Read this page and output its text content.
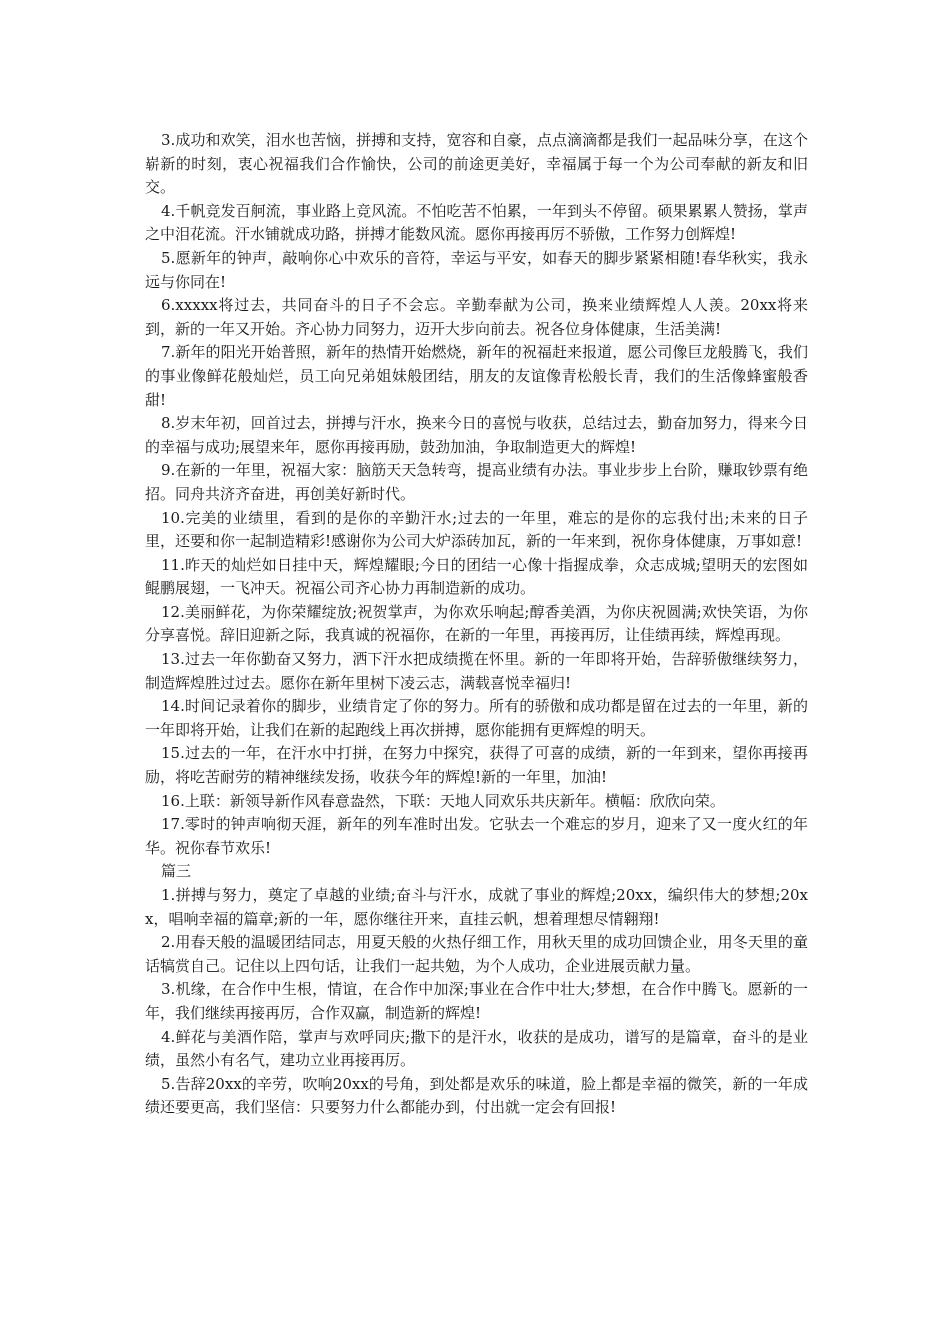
3.成功和欢笑，泪水也苦恼，拼搏和支持，宽容和自豪，点点滴滴都是我们一起品味分享，在这个崭新的时刻，衷心祝福我们合作愉快，公司的前途更美好，幸福属于每一个为公司奉献的新友和旧交。

4.千帆竞发百舸流，事业路上竞风流。不怕吃苦不怕累，一年到头不停留。硕果累累人赞扬，掌声之中泪花流。汗水铺就成功路，拼搏才能数风流。愿你再接再厉不骄傲，工作努力创辉煌!

5.愿新年的钟声，敲响你心中欢乐的音符，幸运与平安，如春天的脚步紧紧相随!春华秋实，我永远与你同在!

6.xxxxx将过去，共同奋斗的日子不会忘。辛勤奉献为公司，换来业绩辉煌人人羡。20xx将来到，新的一年又开始。齐心协力同努力，迈开大步向前去。祝各位身体健康，生活美满!

7.新年的阳光开始普照，新年的热情开始燃烧，新年的祝福赶来报道，愿公司像巨龙般腾飞，我们的事业像鲜花般灿烂，员工向兄弟姐妹般团结，朋友的友谊像青松般长青，我们的生活像蜂蜜般香甜!

8.岁末年初，回首过去，拼搏与汗水，换来今日的喜悦与收获，总结过去，勤奋加努力，得来今日的幸福与成功;展望来年，愿你再接再励，鼓劲加油，争取制造更大的辉煌!

9.在新的一年里，祝福大家：脑筋天天急转弯，提高业绩有办法。事业步步上台阶，赚取钞票有绝招。同舟共济齐奋进，再创美好新时代。

10.完美的业绩里，看到的是你的辛勤汗水;过去的一年里，难忘的是你的忘我付出;未来的日子里，还要和你一起制造精彩!感谢你为公司大炉添砖加瓦，新的一年来到，祝你身体健康，万事如意!

11.昨天的灿烂如日挂中天，辉煌耀眼;今日的团结一心像十指握成拳，众志成城;望明天的宏图如鲲鹏展翅，一飞冲天。祝福公司齐心协力再制造新的成功。

12.美丽鲜花，为你荣耀绽放;祝贺掌声，为你欢乐响起;醇香美酒，为你庆祝圆满;欢快笑语，为你分享喜悦。辞旧迎新之际，我真诚的祝福你，在新的一年里，再接再厉，让佳绩再续，辉煌再现。

13.过去一年你勤奋又努力，洒下汗水把成绩揽在怀里。新的一年即将开始，告辞骄傲继续努力，制造辉煌胜过过去。愿你在新年里树下凌云志，满载喜悦幸福归!

14.时间记录着你的脚步，业绩肯定了你的努力。所有的骄傲和成功都是留在过去的一年里，新的一年即将开始，让我们在新的起跑线上再次拼搏，愿你能拥有更辉煌的明天。

15.过去的一年，在汗水中打拼，在努力中探究，获得了可喜的成绩，新的一年到来，望你再接再励，将吃苦耐劳的精神继续发扬，收获今年的辉煌!新的一年里，加油!

16.上联：新领导新作风春意盎然，下联：天地人同欢乐共庆新年。横幅：欣欣向荣。

17.零时的钟声响彻天涯，新年的列车准时出发。它驮去一个难忘的岁月，迎来了又一度火红的年华。祝你春节欢乐!

篇三

1.拼搏与努力，奠定了卓越的业绩;奋斗与汗水，成就了事业的辉煌;20xx，编织伟大的梦想;20xx，唱响幸福的篇章;新的一年，愿你继往开来，直挂云帆，想着理想尽情翱翔!

2.用春天般的温暖团结同志，用夏天般的火热仔细工作，用秋天里的成功回馈企业，用冬天里的童话犒赏自己。记住以上四句话，让我们一起共勉，为个人成功，企业进展贡献力量。

3.机缘，在合作中生根，情谊，在合作中加深;事业在合作中壮大;梦想，在合作中腾飞。愿新的一年，我们继续再接再厉，合作双赢，制造新的辉煌!

4.鲜花与美酒作陪，掌声与欢呼同庆;撒下的是汗水，收获的是成功，谱写的是篇章，奋斗的是业绩，虽然小有名气，建功立业再接再厉。

5.告辞20xx的辛劳，吹响20xx的号角，到处都是欢乐的味道，脸上都是幸福的微笑，新的一年成绩还要更高，我们坚信：只要努力什么都能办到，付出就一定会有回报!
